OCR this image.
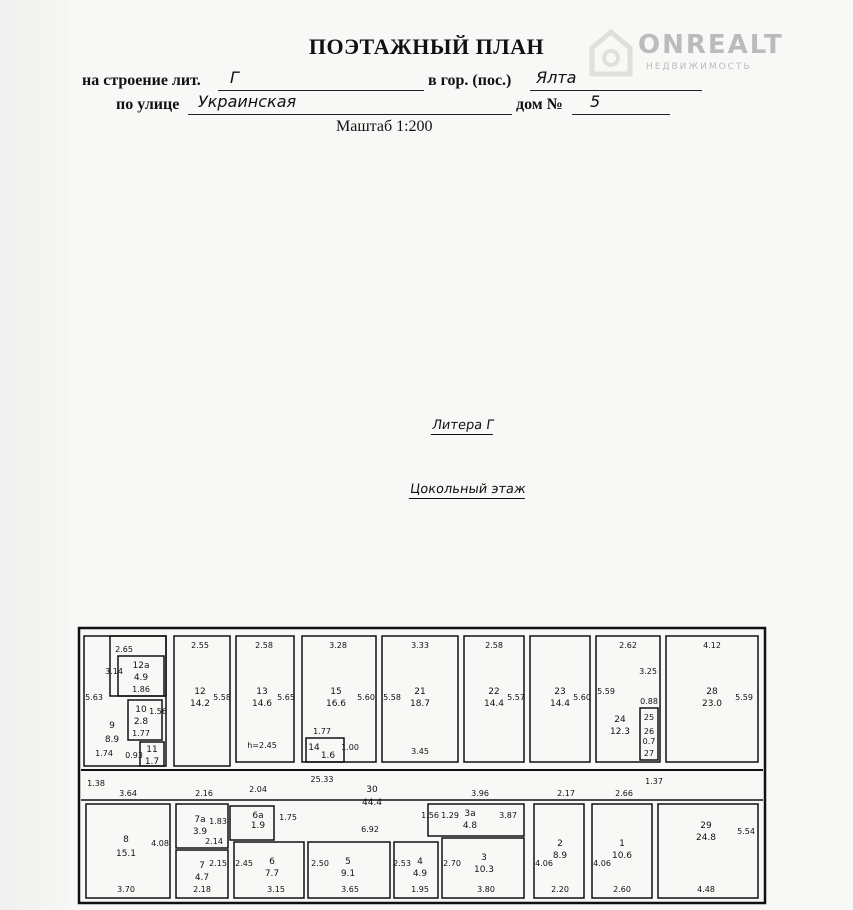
ONREALT
НЕДВИЖИМОСТЬ
ПОЭТАЖНЫЙ ПЛАН
на строение лит. Г	в гор. (пос.) Ялта
по улице Украинская	дом № 5
Маштаб 1:200
Литера Г
Цокольный этаж
12а
4.9
10
2.8
9
8.9
11
1.7
12
14.2
13
14.6
14
1.6
15
16.6
21
18.7
22
14.4
23
14.4
24
12.3
25
26
27
28
23.0
30
44.4
8
15.1
7а
3.9
6а
1.9
7
4.7
6
7.7
5
9.1
4
4.9
3а
4.8
3
10.3
2
8.9
1
10.6
29
24.8
2.65
3.14
1.86
5.63
1.56
1.77
1.74 0.93
2.55
5.58
2.58
5.65
h=2.45
3.28
1.77
5.60
1.00
3.33
5.58
3.45
2.58
5.57	5.60
2.62
3.25
5.59
0.88
0.7
4.12
5.59
1.38
3.64	2.16	2.04
25.33
3.96	2.17	2.66
1.37
1.83
2.14
1.75
6.92
1.56 1.29	3.87
4.08
2.15 2.45	2.50	2.53	2.70	4.06	4.06
5.54
3.70	2.18	3.15	3.65	1.95	3.80	2.20	2.60	4.48
